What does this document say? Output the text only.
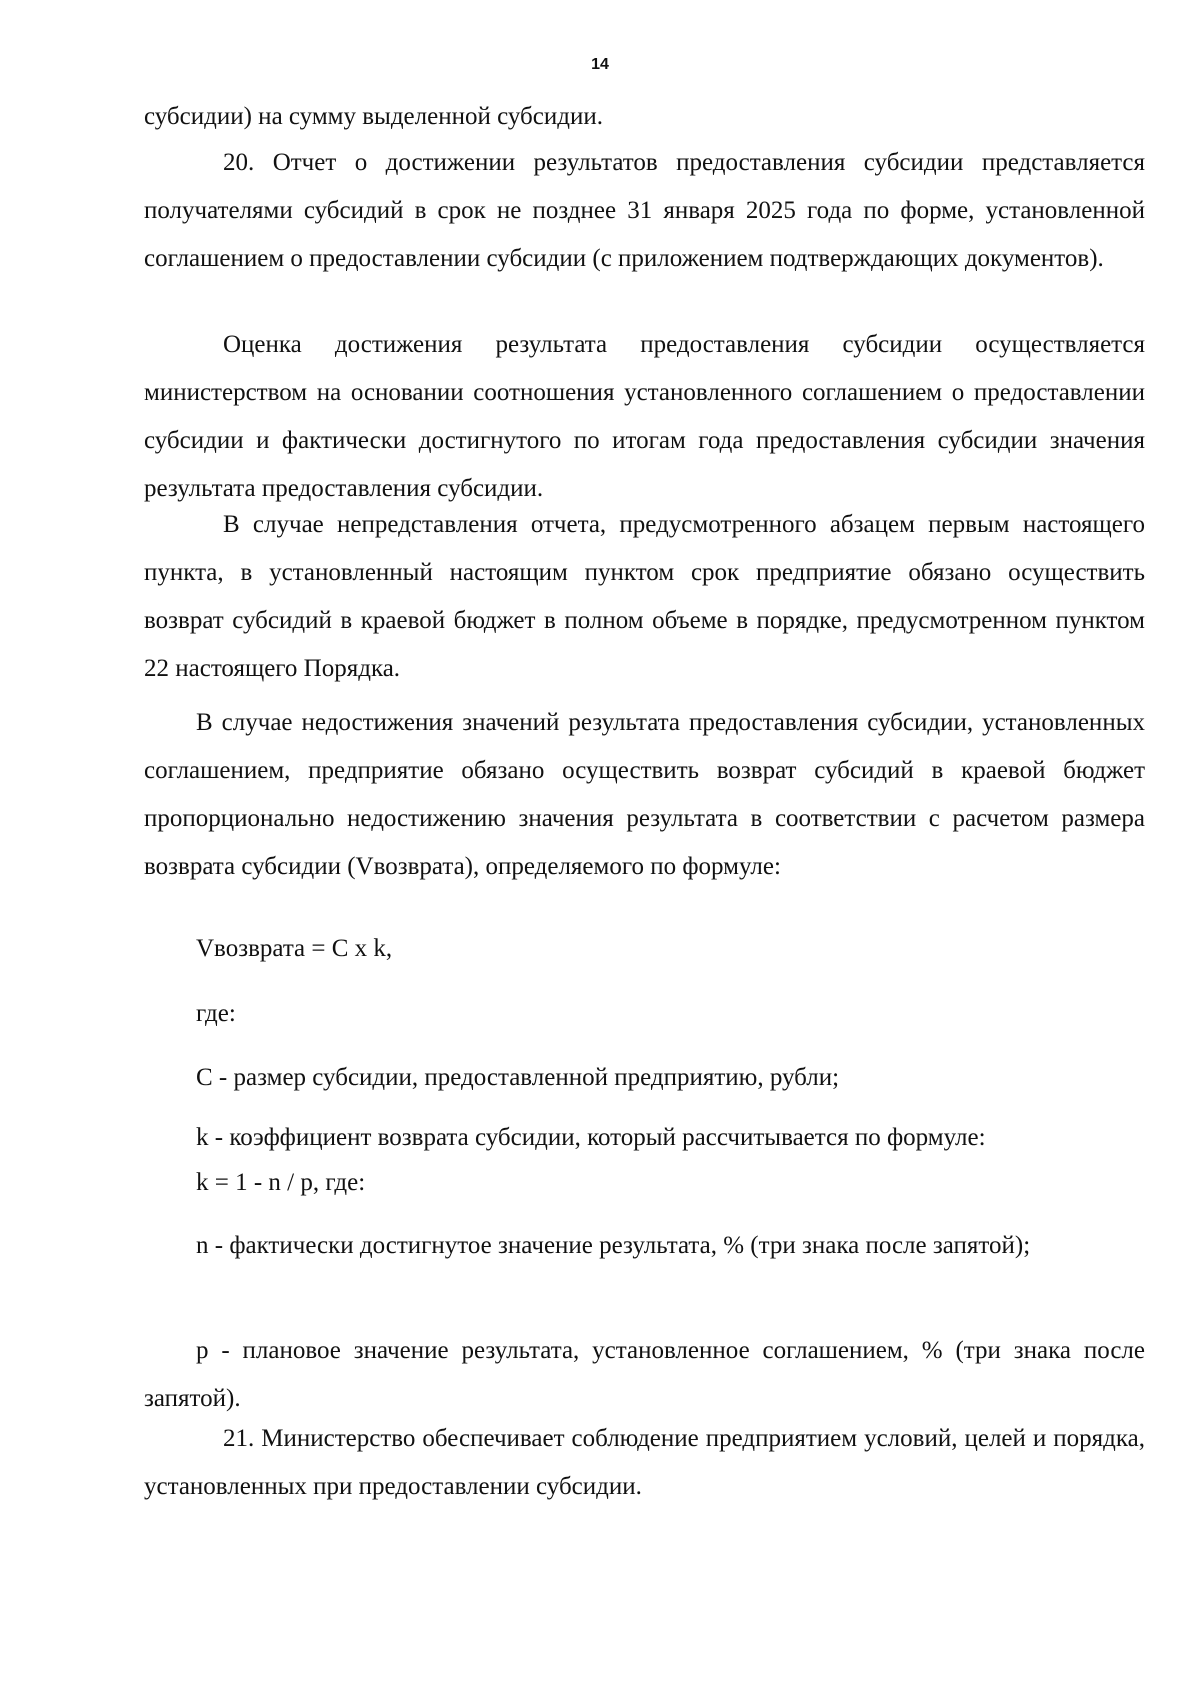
14

субсидии) на сумму выделенной субсидии.

20. Отчет о достижении результатов предоставления субсидии представляется получателями субсидий в срок не позднее 31 января 2025 года по форме, установленной соглашением о предоставлении субсидии (с приложением подтверждающих документов).

Оценка достижения результата предоставления субсидии осуществляется министерством на основании соотношения установленного соглашением о предоставлении субсидии и фактически достигнутого по итогам года предоставления субсидии значения результата предоставления субсидии.

В случае непредставления отчета, предусмотренного абзацем первым настоящего пункта, в установленный настоящим пунктом срок предприятие обязано осуществить возврат субсидий в краевой бюджет в полном объеме в порядке, предусмотренном пунктом 22 настоящего Порядка.

В случае недостижения значений результата предоставления субсидии, установленных соглашением, предприятие обязано осуществить возврат субсидий в краевой бюджет пропорционально недостижению значения результата в соответствии с расчетом размера возврата субсидии (Vвозврата), определяемого по формуле:

Vвозврата = C x k,

где:

C - размер субсидии, предоставленной предприятию, рубли;

k - коэффициент возврата субсидии, который рассчитывается по формуле:

k = 1 - n / p, где:

n - фактически достигнутое значение результата, % (три знака после запятой);

p - плановое значение результата, установленное соглашением, % (три знака после запятой).

21. Министерство обеспечивает соблюдение предприятием условий, целей и порядка, установленных при предоставлении субсидии.
